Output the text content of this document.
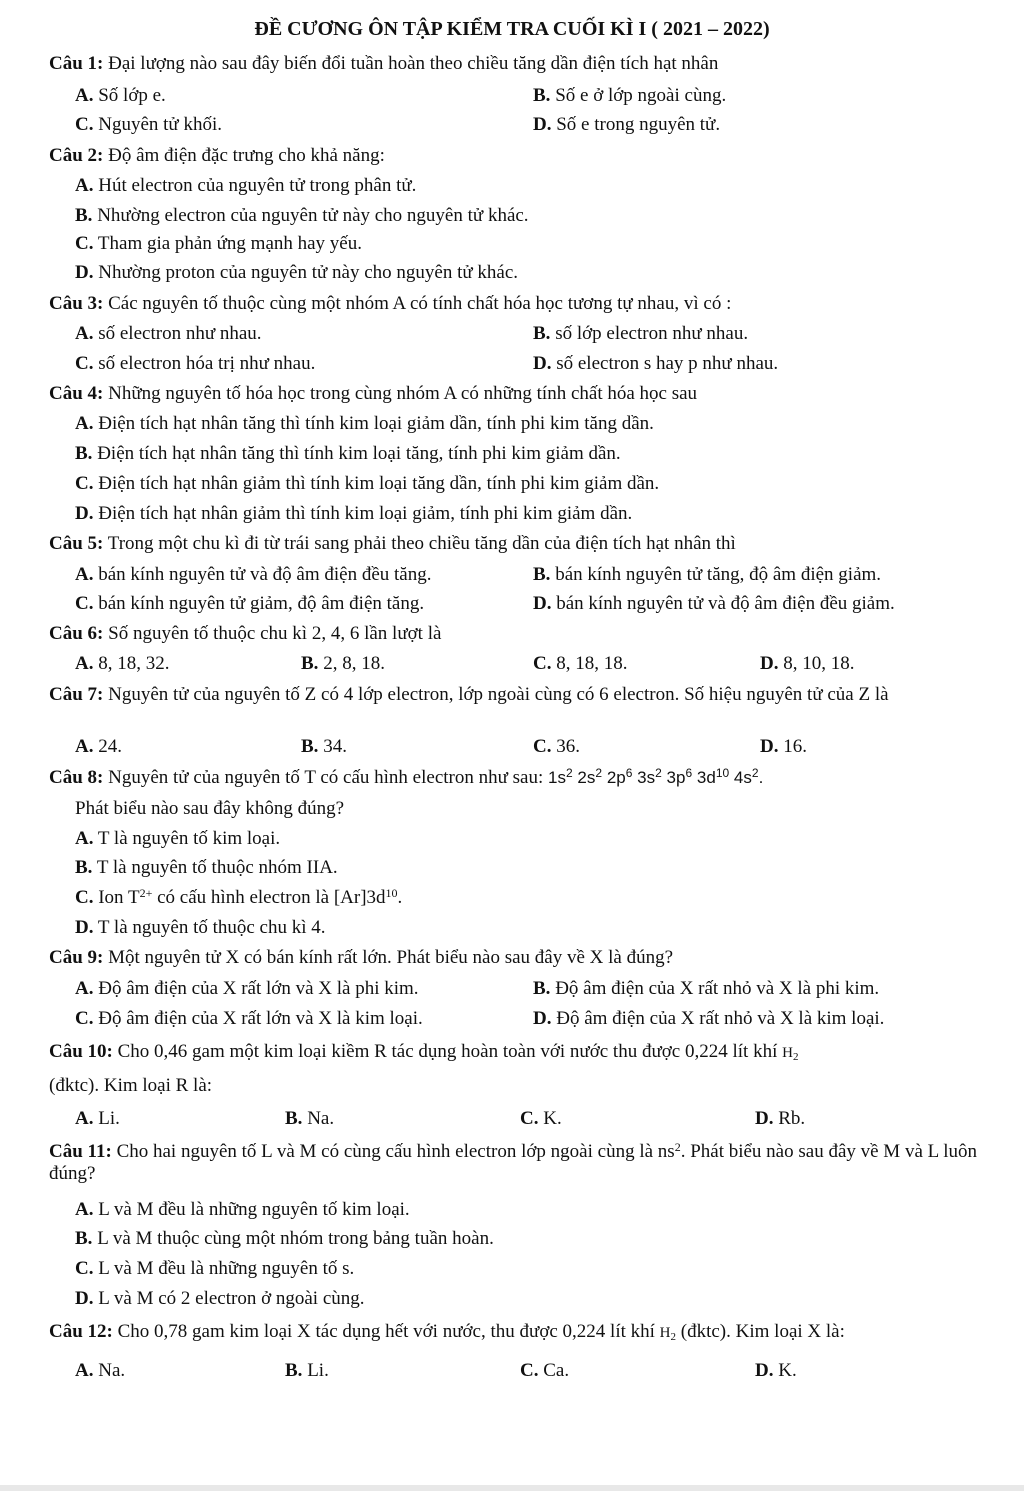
ĐỀ CƯƠNG ÔN TẬP KIỂM TRA CUỐI KÌ I ( 2021 – 2022)
Câu 1: Đại lượng nào sau đây biến đổi tuần hoàn theo chiều tăng dần điện tích hạt nhân
A. Số lớp e.	B. Số e ở lớp ngoài cùng.
C. Nguyên tử khối.	D. Số e trong nguyên tử.
Câu 2: Độ âm điện đặc trưng cho khả năng:
A. Hút electron của nguyên tử trong phân tử.
B. Nhường electron của nguyên tử này cho nguyên tử khác.
C. Tham gia phản ứng mạnh hay yếu.
D. Nhường proton của nguyên tử này cho nguyên tử khác.
Câu 3: Các nguyên tố thuộc cùng một nhóm A có tính chất hóa học tương tự nhau, vì có :
A. số electron như nhau.	B. số lớp electron như nhau.
C. số electron hóa trị như nhau.	D. số electron s hay p như nhau.
Câu 4: Những nguyên tố hóa học trong cùng nhóm A có những tính chất hóa học sau
A. Điện tích hạt nhân tăng thì tính kim loại giảm dần, tính phi kim tăng dần.
B. Điện tích hạt nhân tăng thì tính kim loại tăng, tính phi kim giảm dần.
C. Điện tích hạt nhân giảm thì tính kim loại tăng dần, tính phi kim giảm dần.
D. Điện tích hạt nhân giảm thì tính kim loại giảm, tính phi kim giảm dần.
Câu 5: Trong một chu kì đi từ trái sang phải theo chiều tăng dần của điện tích hạt nhân thì
A. bán kính nguyên tử và độ âm điện đều tăng.	B. bán kính nguyên tử tăng, độ âm điện giảm.
C. bán kính nguyên tử giảm, độ âm điện tăng.	D. bán kính nguyên tử và độ âm điện đều giảm.
Câu 6: Số nguyên tố thuộc chu kì 2, 4, 6 lần lượt là
A. 8, 18, 32.	B. 2, 8, 18.	C. 8, 18, 18.	D. 8, 10, 18.
Câu 7: Nguyên tử của nguyên tố Z có 4 lớp electron, lớp ngoài cùng có 6 electron. Số hiệu nguyên tử của Z là
A. 24.	B. 34.	C. 36.	D. 16.
Câu 8: Nguyên tử của nguyên tố T có cấu hình electron như sau: $1s^2$ $2s^2$ $2p^6$ $3s^2$ $3p^6$ $3d^{10}$ $4s^2$.
Phát biểu nào sau đây không đúng?
A. T là nguyên tố kim loại.
B. T là nguyên tố thuộc nhóm IIA.
C. Ion $T^{2+}$ có cấu hình electron là $[Ar]3d^{10}$.
D. T là nguyên tố thuộc chu kì 4.
Câu 9: Một nguyên tử X có bán kính rất lớn. Phát biểu nào sau đây về X là đúng?
A. Độ âm điện của X rất lớn và X là phi kim.	B. Độ âm điện của X rất nhỏ và X là phi kim.
C. Độ âm điện của X rất lớn và X là kim loại.	D. Độ âm điện của X rất nhỏ và X là kim loại.
Câu 10: Cho 0,46 gam một kim loại kiềm R tác dụng hoàn toàn với nước thu được 0,224 lít khí $H_2$
(đktc). Kim loại R là:
A. Li.	B. Na.	C. K.	D. Rb.
Câu 11: Cho hai nguyên tố L và M có cùng cấu hình electron lớp ngoài cùng là $ns^2$. Phát biểu nào sau đây về M và L luôn đúng?
A. L và M đều là những nguyên tố kim loại.
B. L và M thuộc cùng một nhóm trong bảng tuần hoàn.
C. L và M đều là những nguyên tố s.
D. L và M có 2 electron ở ngoài cùng.
Câu 12: Cho 0,78 gam kim loại X tác dụng hết với nước, thu được 0,224 lít khí $H_2$ (đktc). Kim loại X là:
A. Na.	B. Li.	C. Ca.	D. K.
